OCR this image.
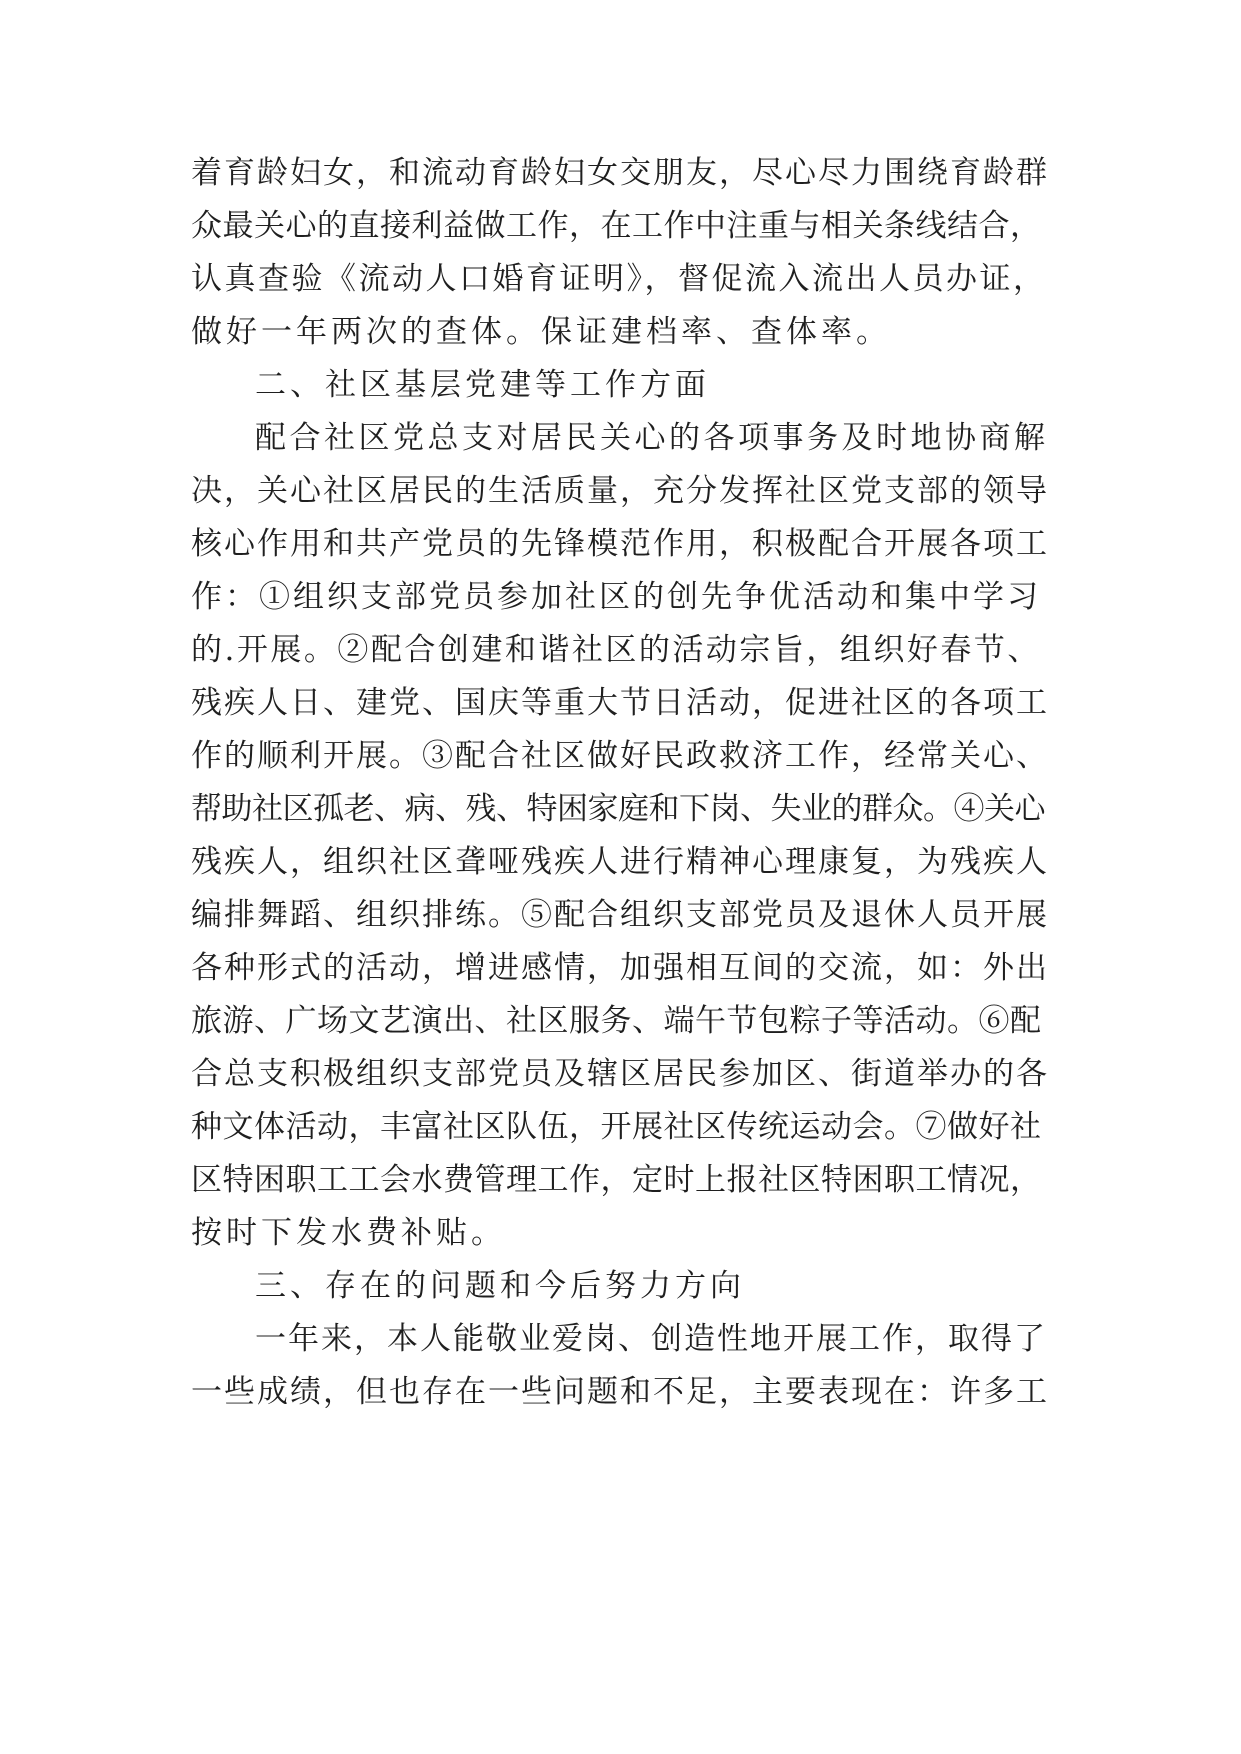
着育龄妇女，和流动育龄妇女交朋友，尽心尽力围绕育龄群
众最关心的直接利益做工作，在工作中注重与相关条线结合，
认真查验《流动人口婚育证明》，督促流入流出人员办证，
做好一年两次的查体。保证建档率、查体率。
二、社区基层党建等工作方面
配合社区党总支对居民关心的各项事务及时地协商解
决，关心社区居民的生活质量，充分发挥社区党支部的领导
核心作用和共产党员的先锋模范作用，积极配合开展各项工
作：①组织支部党员参加社区的创先争优活动和集中学习
的.开展。②配合创建和谐社区的活动宗旨，组织好春节、
残疾人日、建党、国庆等重大节日活动，促进社区的各项工
作的顺利开展。③配合社区做好民政救济工作，经常关心、
帮助社区孤老、病、残、特困家庭和下岗、失业的群众。④关心
残疾人，组织社区聋哑残疾人进行精神心理康复，为残疾人
编排舞蹈、组织排练。⑤配合组织支部党员及退休人员开展
各种形式的活动，增进感情，加强相互间的交流，如：外出
旅游、广场文艺演出、社区服务、端午节包粽子等活动。⑥配
合总支积极组织支部党员及辖区居民参加区、街道举办的各
种文体活动，丰富社区队伍，开展社区传统运动会。⑦做好社
区特困职工工会水费管理工作，定时上报社区特困职工情况，
按时下发水费补贴。
三、存在的问题和今后努力方向
一年来，本人能敬业爱岗、创造性地开展工作，取得了
一些成绩，但也存在一些问题和不足，主要表现在：许多工
